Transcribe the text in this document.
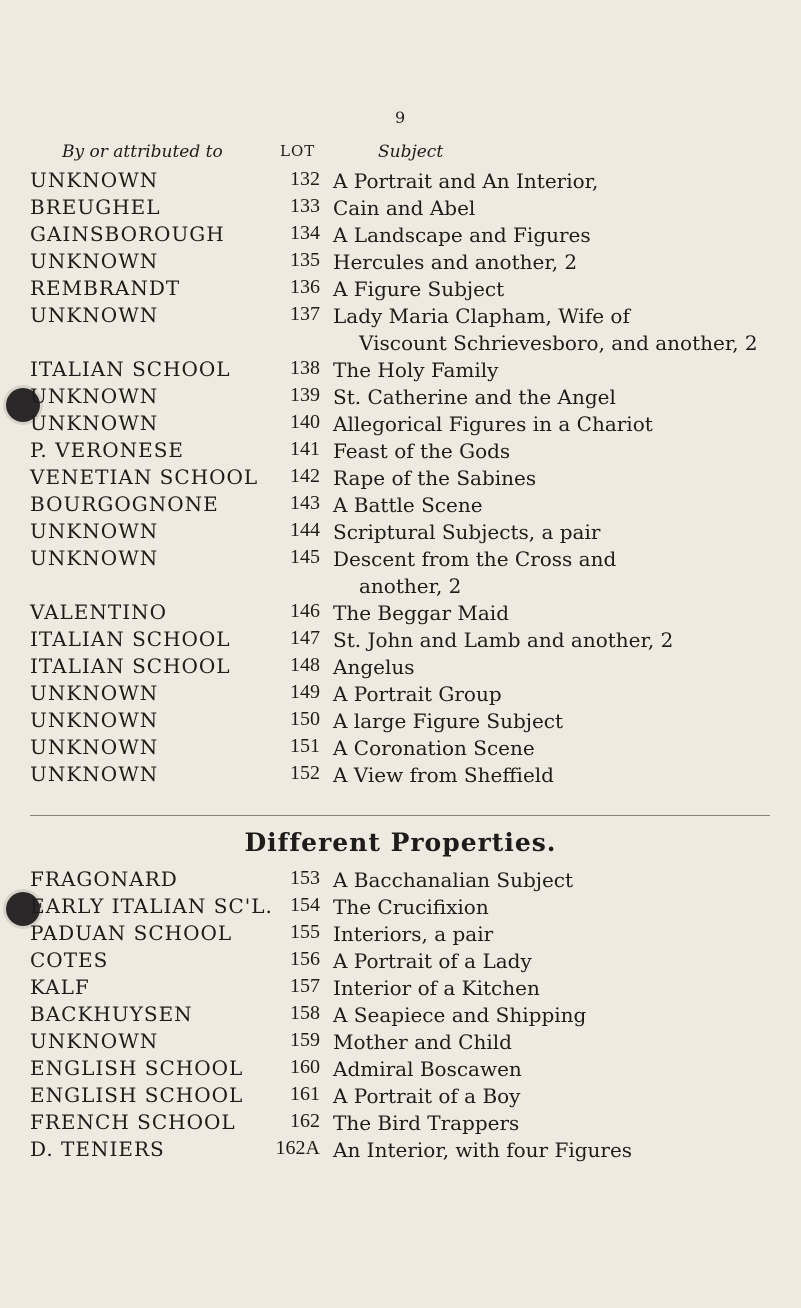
9
By or attributed to	LOT	Subject
UNKNOWN	132 A Portrait and An Interior,
BREUGHEL	133 Cain and Abel
GAINSBOROUGH	134 A Landscape and Figures
UNKNOWN	135 Hercules and another, 2
REMBRANDT	136 A Figure Subject
UNKNOWN	137 Lady Maria Clapham, Wife of
Viscount Schrievesboro, and another, 2
ITALIAN SCHOOL	138 The Holy Family
UNKNOWN	139 St. Catherine and the Angel
UNKNOWN	140 Allegorical Figures in a Chariot
P. VERONESE	141 Feast of the Gods
VENETIAN SCHOOL	142 Rape of the Sabines
BOURGOGNONE	143 A Battle Scene
UNKNOWN	144 Scriptural Subjects, a pair
UNKNOWN	145 Descent from the Cross and
another, 2
VALENTINO	146 The Beggar Maid
ITALIAN SCHOOL	147 St. John and Lamb and another, 2
ITALIAN SCHOOL	148 Angelus
UNKNOWN	149 A Portrait Group
UNKNOWN	150 A large Figure Subject
UNKNOWN	151 A Coronation Scene
UNKNOWN	152 A View from Sheffield
Different Properties.
FRAGONARD	153 A Bacchanalian Subject
EARLY ITALIAN SC'L. 154 The Crucifixion
PADUAN SCHOOL	155 Interiors, a pair
COTES	156 A Portrait of a Lady
KALF	157 Interior of a Kitchen
BACKHUYSEN	158 A Seapiece and Shipping
UNKNOWN	159 Mother and Child
ENGLISH SCHOOL	160 Admiral Boscawen
ENGLISH SCHOOL	161 A Portrait of a Boy
FRENCH SCHOOL	162 The Bird Trappers
D. TENIERS	162A An Interior, with four Figures
